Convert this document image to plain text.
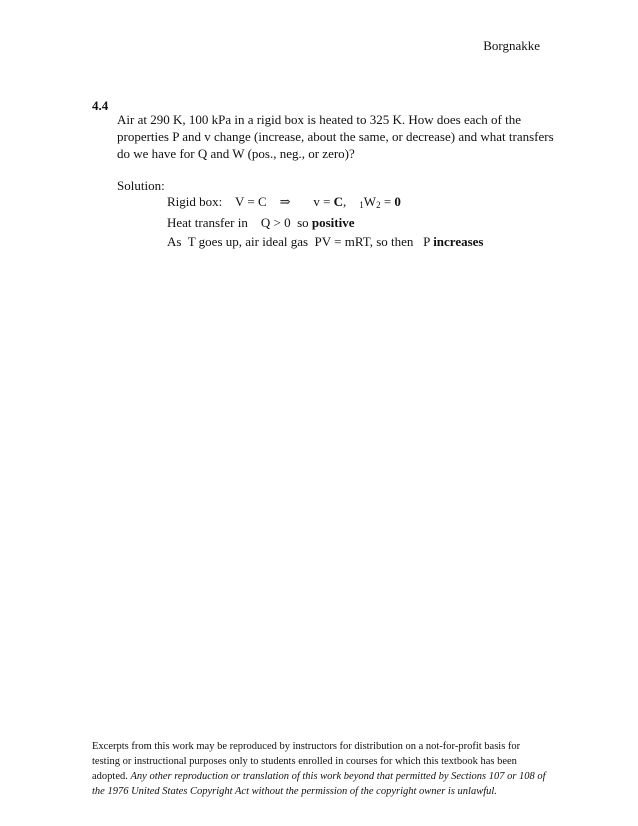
Borgnakke
4.4
Air at 290 K, 100 kPa in a rigid box is heated to 325 K. How does each of the properties P and v change (increase, about the same, or decrease) and what transfers do we have for Q and W (pos., neg., or zero)?
Solution:
Rigid box:    V = C    ⇒       v = C,    $_1W_2 = 0$
Heat transfer in    Q > 0  so positive
As  T goes up, air ideal gas  PV = mRT, so then   P increases
Excerpts from this work may be reproduced by instructors for distribution on a not-for-profit basis for testing or instructional purposes only to students enrolled in courses for which this textbook has been adopted. Any other reproduction or translation of this work beyond that permitted by Sections 107 or 108 of the 1976 United States Copyright Act without the permission of the copyright owner is unlawful.
